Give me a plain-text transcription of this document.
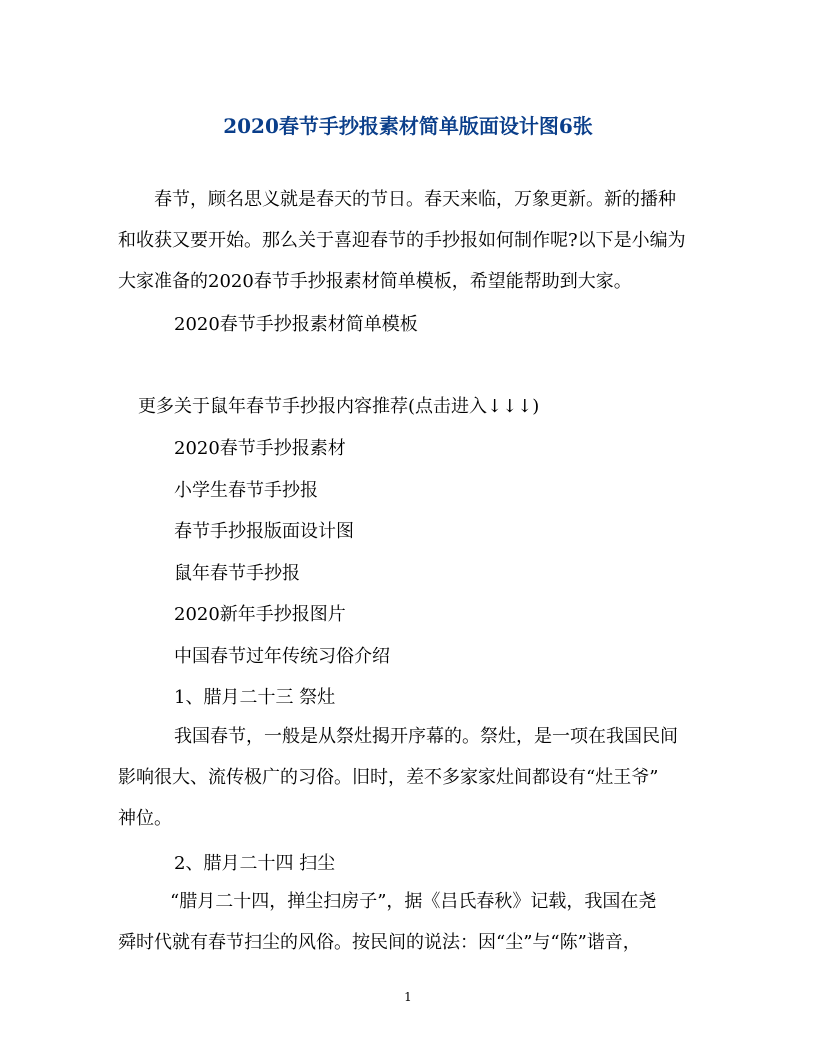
2020春节手抄报素材简单版面设计图6张

春节，顾名思义就是春天的节日。春天来临，万象更新。新的播种

和收获又要开始。那么关于喜迎春节的手抄报如何制作呢?以下是小编为

大家准备的2020春节手抄报素材简单模板，希望能帮助到大家。

2020春节手抄报素材简单模板
更多关于鼠年春节手抄报内容推荐(点击进入↓↓↓)
2020春节手抄报素材
小学生春节手抄报
春节手抄报版面设计图
鼠年春节手抄报
2020新年手抄报图片
中国春节过年传统习俗介绍
1、腊月二十三 祭灶

我国春节，一般是从祭灶揭开序幕的。祭灶，是一项在我国民间

影响很大、流传极广的习俗。旧时，差不多家家灶间都设有“灶王爷”

神位。

2、腊月二十四 扫尘

“腊月二十四，掸尘扫房子”，据《吕氏春秋》记载，我国在尧

舜时代就有春节扫尘的风俗。按民间的说法：因“尘”与“陈”谐音，

1
